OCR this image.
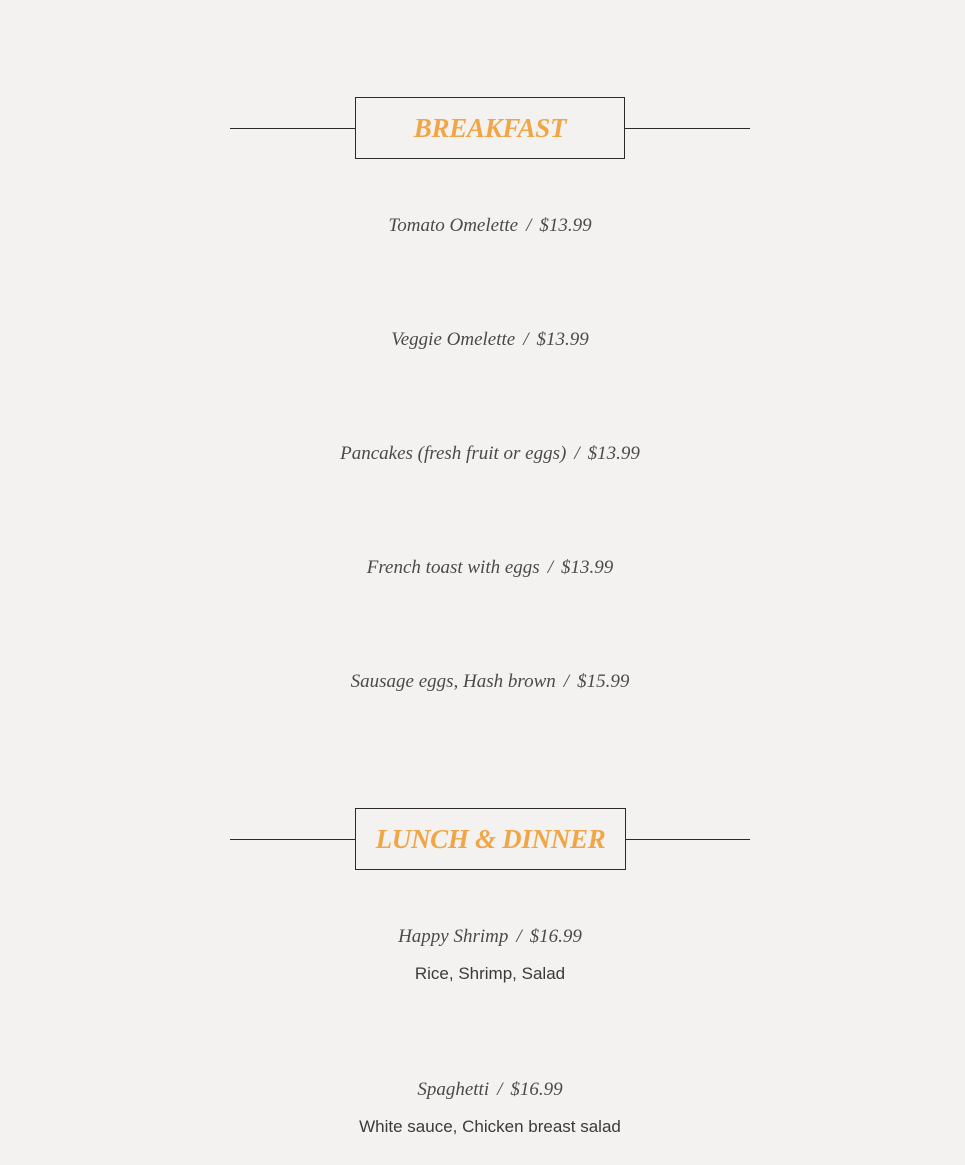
BREAKFAST
Tomato Omelette / $13.99
Veggie Omelette / $13.99
Pancakes (fresh fruit or eggs) / $13.99
French toast with eggs / $13.99
Sausage eggs, Hash brown / $15.99
LUNCH & DINNER
Happy Shrimp / $16.99
Rice, Shrimp, Salad
Spaghetti / $16.99
White sauce, Chicken breast salad
